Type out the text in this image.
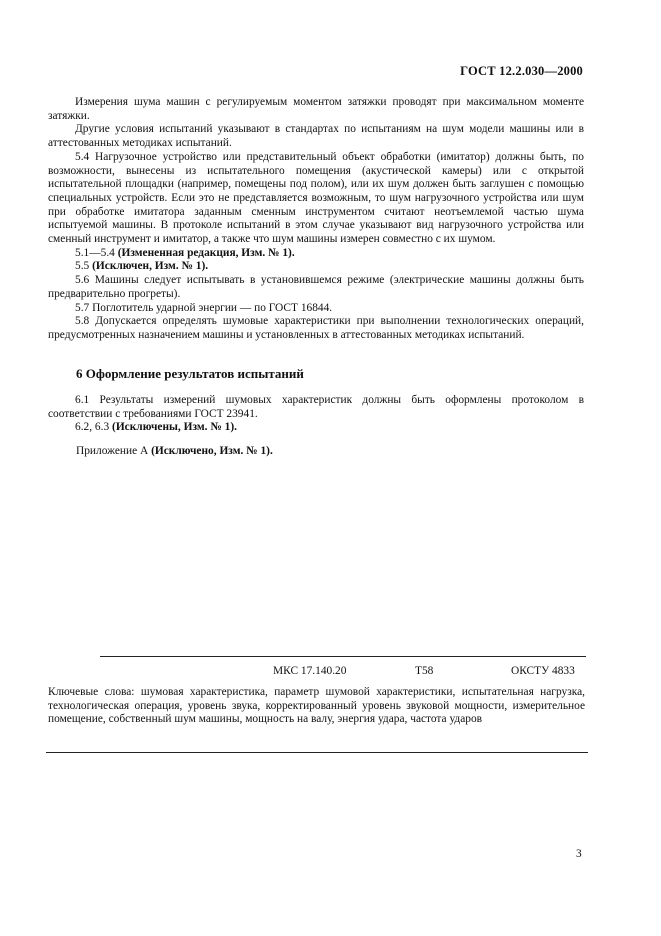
ГОСТ 12.2.030—2000

Измерения шума машин с регулируемым моментом затяжки проводят при максимальном моменте затяжки.

Другие условия испытаний указывают в стандартах по испытаниям на шум модели машины или в аттестованных методиках испытаний.

5.4 Нагрузочное устройство или представительный объект обработки (имитатор) должны быть, по возможности, вынесены из испытательного помещения (акустической камеры) или с открытой испытательной площадки (например, помещены под полом), или их шум должен быть заглушен с помощью специальных устройств. Если это не представляется возможным, то шум нагрузочного устройства или шум при обработке имитатора заданным сменным инструментом считают неотъемлемой частью шума испытуемой машины. В протоколе испытаний в этом случае указывают вид нагрузочного устройства или сменный инструмент и имитатор, а также что шум машины измерен совместно с их шумом.

5.1—5.4 (Измененная редакция, Изм. № 1).

5.5 (Исключен, Изм. № 1).

5.6 Машины следует испытывать в установившемся режиме (электрические машины должны быть предварительно прогреты).

5.7 Поглотитель ударной энергии — по ГОСТ 16844.

5.8 Допускается определять шумовые характеристики при выполнении технологических операций, предусмотренных назначением машины и установленных в аттестованных методиках испытаний.

6 Оформление результатов испытаний

6.1 Результаты измерений шумовых характеристик должны быть оформлены протоколом в соответствии с требованиями ГОСТ 23941.

6.2, 6.3 (Исключены, Изм. № 1).

Приложение А (Исключено, Изм. № 1).
МКС 17.140.20	Т58	ОКСТУ 4833
Ключевые слова: шумовая характеристика, параметр шумовой характеристики, испытательная нагрузка, технологическая операция, уровень звука, корректированный уровень звуковой мощности, измерительное помещение, собственный шум машины, мощность на валу, энергия удара, частота ударов
3
